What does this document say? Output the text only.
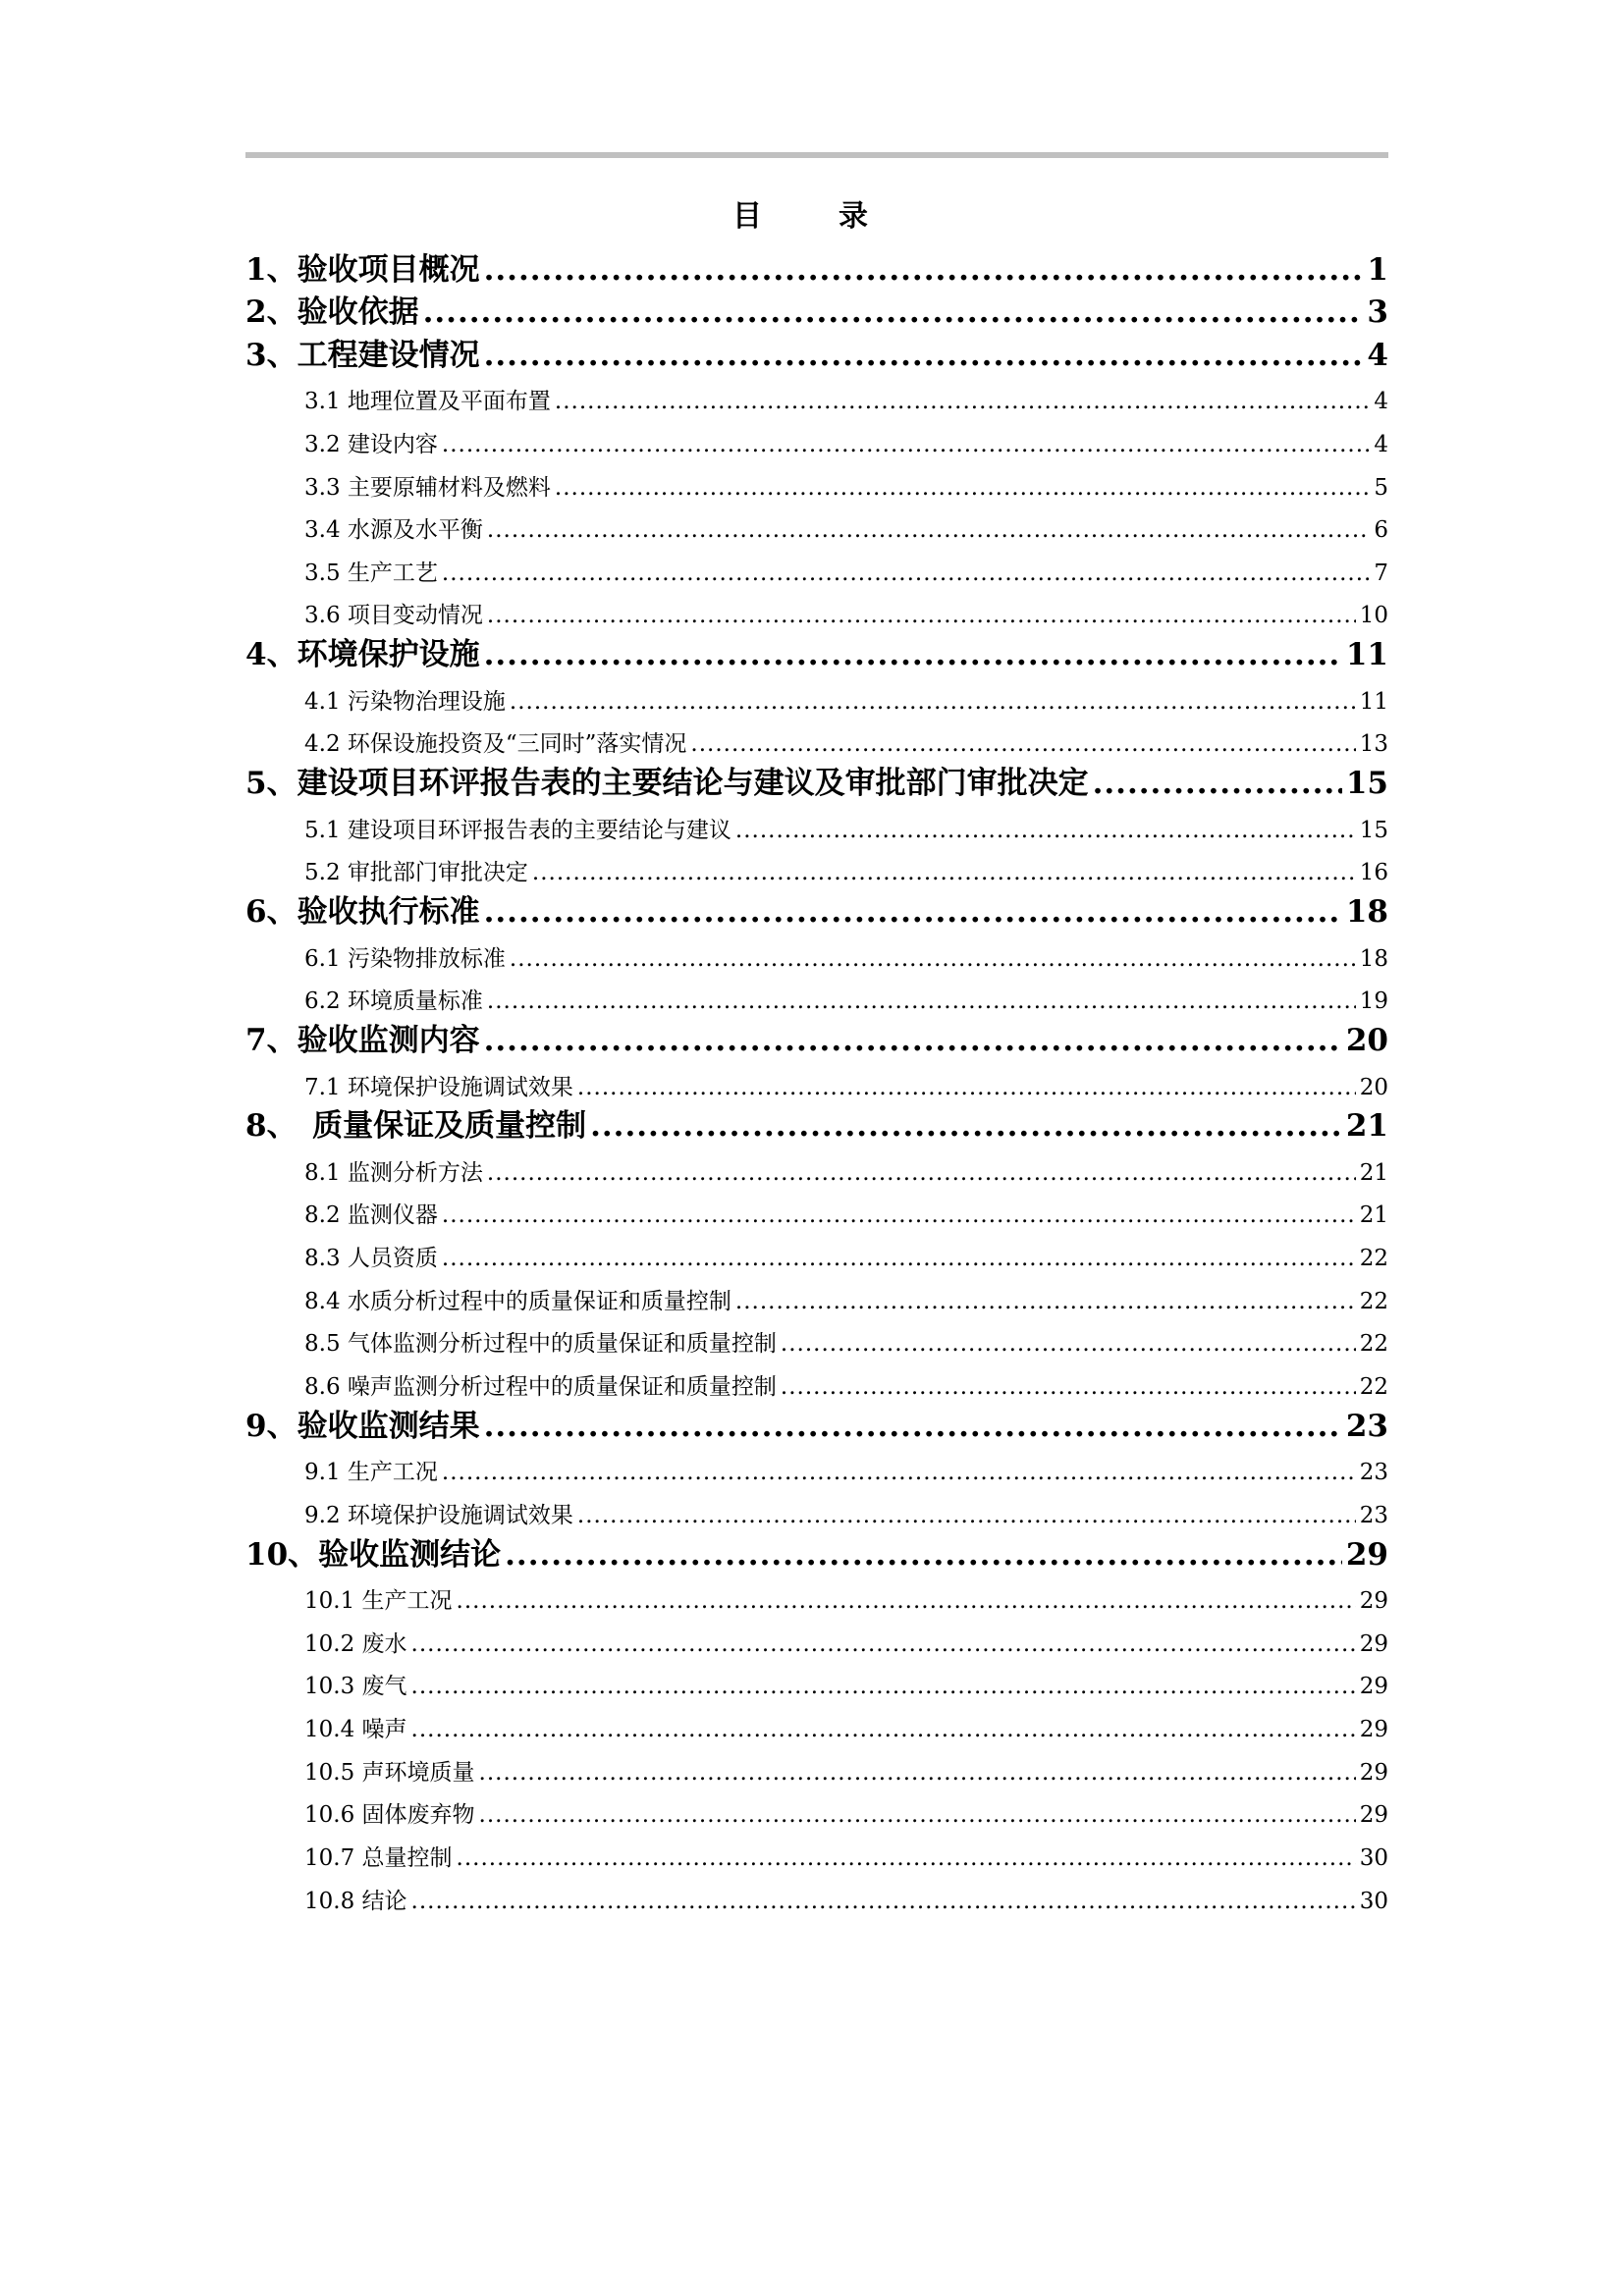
目　录
1、验收项目概况 .....	1
2、验收依据 .....	3
3、工程建设情况 .....	4
3.1 地理位置及平面布置 .....	4
3.2 建设内容 .....	4
3.3 主要原辅材料及燃料 .....	5
3.4 水源及水平衡 .....	6
3.5 生产工艺 .....	7
3.6 项目变动情况 .....	10
4、环境保护设施 .....	11
4.1 污染物治理设施 .....	11
4.2 环保设施投资及“三同时”落实情况 .....	13
5、建设项目环评报告表的主要结论与建议及审批部门审批决定 .....	15
5.1 建设项目环评报告表的主要结论与建议 .....	15
5.2 审批部门审批决定 .....	16
6、验收执行标准 .....	18
6.1 污染物排放标准 .....	18
6.2 环境质量标准 .....	19
7、验收监测内容 .....	20
7.1 环境保护设施调试效果 .....	20
8、　质量保证及质量控制 .....	21
8.1 监测分析方法 .....	21
8.2 监测仪器 .....	21
8.3 人员资质 .....	22
8.4 水质分析过程中的质量保证和质量控制 .....	22
8.5 气体监测分析过程中的质量保证和质量控制 .....	22
8.6 噪声监测分析过程中的质量保证和质量控制 .....	22
9、验收监测结果 .....	23
9.1 生产工况 .....	23
9.2 环境保护设施调试效果 .....	23
10、验收监测结论 .....	29
10.1 生产工况 .....	29
10.2 废水 .....	29
10.3 废气 .....	29
10.4 噪声 .....	29
10.5 声环境质量 .....	29
10.6 固体废弃物 .....	29
10.7 总量控制 .....	30
10.8 结论 .....	30
